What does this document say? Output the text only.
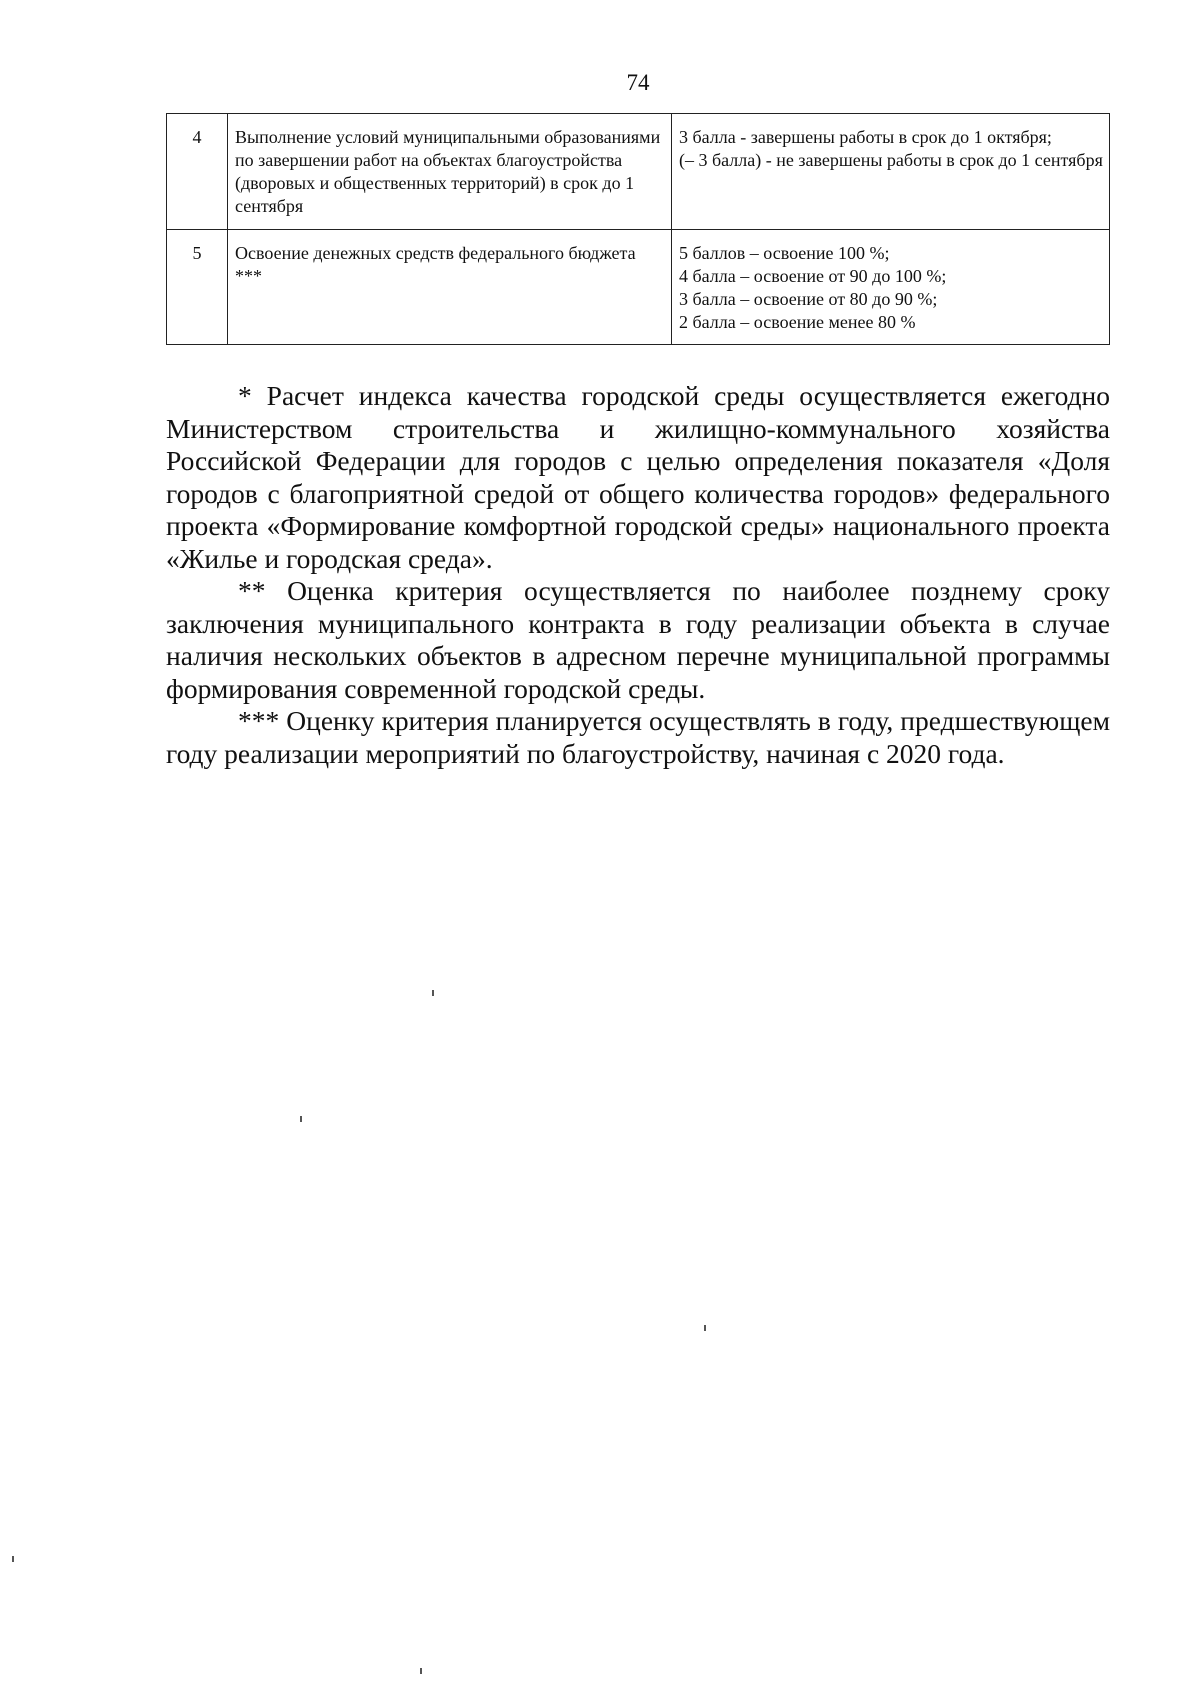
74
4	Выполнение условий муниципальными образованиями по завершении работ на объектах благоустройства (дворовых и общественных территорий) в срок до 1 сентября	3 балла - завершены работы в срок до 1 октября;
(– 3 балла) - не завершены работы в срок до 1 сентября

5	Освоение денежных средств федерального бюджета ***	5 баллов – освоение 100 %;
4 балла – освоение от 90 до 100 %;
3 балла – освоение от 80 до 90 %;
2 балла – освоение менее 80 %

* Расчет индекса качества городской среды осуществляется ежегодно Министерством строительства и жилищно-коммунального хозяйства Российской Федерации для городов с целью определения показателя «Доля городов с благоприятной средой от общего количества городов» федерального проекта «Формирование комфортной городской среды» национального проекта «Жилье и городская среда».

** Оценка критерия осуществляется по наиболее позднему сроку заключения муниципального контракта в году реализации объекта в случае наличия нескольких объектов в адресном перечне муниципальной программы формирования современной городской среды.

*** Оценку критерия планируется осуществлять в году, предшествующем году реализации мероприятий по благоустройству, начиная с 2020 года.
